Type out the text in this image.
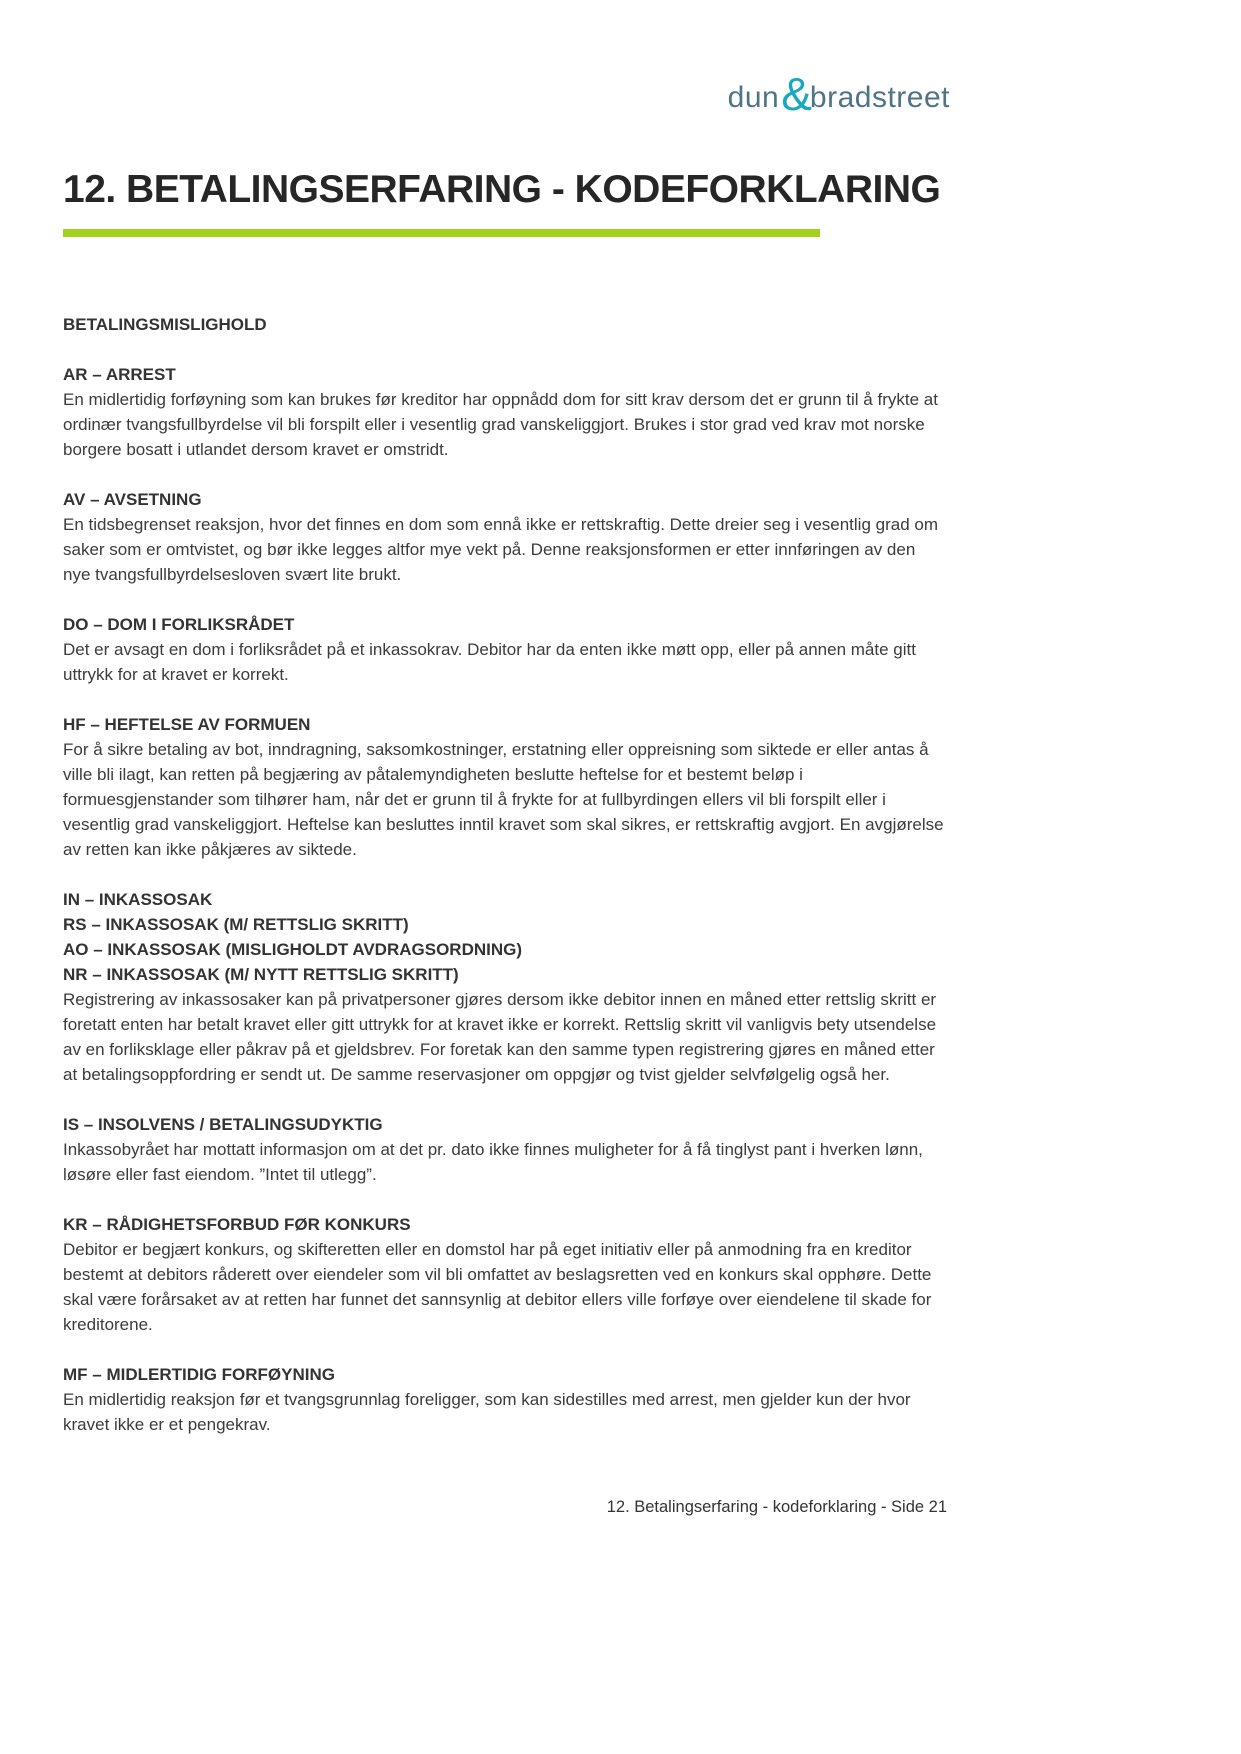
dun &
bradstreet
12. BETALINGSERFARING - KODEFORKLARING
BETALINGSMISLIGHOLD
AR – ARREST

En midlertidig forføyning som kan brukes før kreditor har oppnådd dom for sitt krav dersom det er grunn til å frykte at ordinær tvangsfullbyrdelse vil bli forspilt eller i vesentlig grad vanskeliggjort. Brukes i stor grad ved krav mot norske borgere bosatt i utlandet dersom kravet er omstridt.

AV – AVSETNING

En tidsbegrenset reaksjon, hvor det finnes en dom som ennå ikke er rettskraftig. Dette dreier seg i vesentlig grad om saker som er omtvistet, og bør ikke legges altfor mye vekt på. Denne reaksjonsformen er etter innføringen av den nye tvangsfullbyrdelsesloven svært lite brukt.

DO – DOM I FORLIKSRÅDET

Det er avsagt en dom i forliksrådet på et inkassokrav. Debitor har da enten ikke møtt opp, eller på annen måte gitt uttrykk for at kravet er korrekt.

HF – HEFTELSE AV FORMUEN

For å sikre betaling av bot, inndragning, saksomkostninger, erstatning eller oppreisning som siktede er eller antas å ville bli ilagt, kan retten på begjæring av påtalemyndigheten beslutte heftelse for et bestemt beløp i formuesgjenstander som tilhører ham, når det er grunn til å frykte for at fullbyrdingen ellers vil bli forspilt eller i vesentlig grad vanskeliggjort. Heftelse kan besluttes inntil kravet som skal sikres, er rettskraftig avgjort. En avgjørelse av retten kan ikke påkjæres av siktede.

IN – INKASSOSAK
RS – INKASSOSAK (M/ RETTSLIG SKRITT)
AO – INKASSOSAK (MISLIGHOLDT AVDRAGSORDNING)
NR – INKASSOSAK (M/ NYTT RETTSLIG SKRITT)

Registrering av inkassosaker kan på privatpersoner gjøres dersom ikke debitor innen en måned etter rettslig skritt er foretatt enten har betalt kravet eller gitt uttrykk for at kravet ikke er korrekt. Rettslig skritt vil vanligvis bety utsendelse av en forliksklage eller påkrav på et gjeldsbrev. For foretak kan den samme typen registrering gjøres en måned etter at betalingsoppfordring er sendt ut. De samme reservasjoner om oppgjør og tvist gjelder selvfølgelig også her.

IS – INSOLVENS / BETALINGSUDYKTIG

Inkassobyrået har mottatt informasjon om at det pr. dato ikke finnes muligheter for å få tinglyst pant i hverken lønn, løsøre eller fast eiendom. ”Intet til utlegg”.

KR – RÅDIGHETSFORBUD FØR KONKURS

Debitor er begjært konkurs, og skifteretten eller en domstol har på eget initiativ eller på anmodning fra en kreditor bestemt at debitors råderett over eiendeler som vil bli omfattet av beslagsretten ved en konkurs skal opphøre. Dette skal være forårsaket av at retten har funnet det sannsynlig at debitor ellers ville forføye over eiendelene til skade for kreditorene.

MF – MIDLERTIDIG FORFØYNING

En midlertidig reaksjon før et tvangsgrunnlag foreligger, som kan sidestilles med arrest, men gjelder kun der hvor kravet ikke er et pengekrav.

12. Betalingserfaring - kodeforklaring - Side 21
